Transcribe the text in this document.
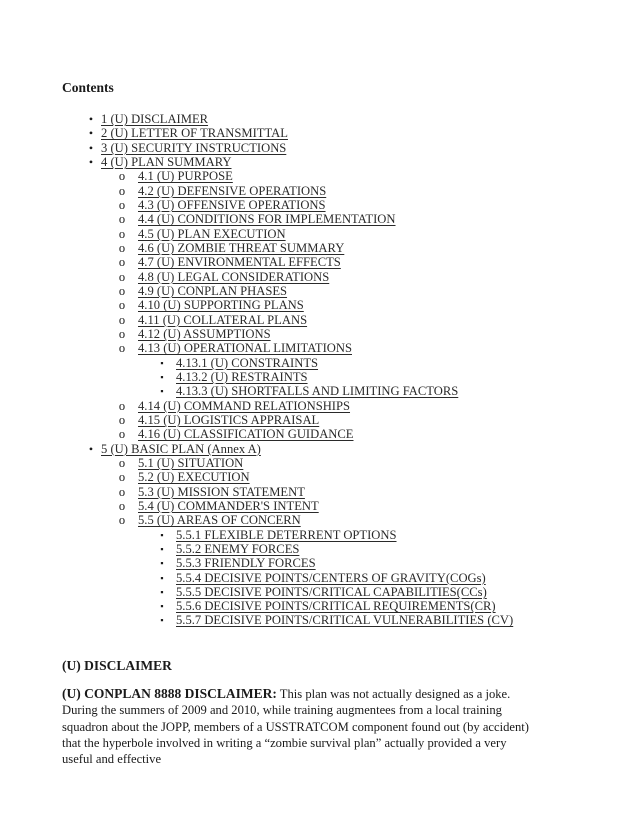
Contents
• 1 (U) DISCLAIMER
• 2 (U) LETTER OF TRANSMITTAL
• 3 (U) SECURITY INSTRUCTIONS
• 4 (U) PLAN SUMMARY
o	4.1 (U) PURPOSE
o	4.2 (U) DEFENSIVE OPERATIONS
o	4.3 (U) OFFENSIVE OPERATIONS
o	4.4 (U) CONDITIONS FOR IMPLEMENTATION
o	4.5 (U) PLAN EXECUTION
o	4.6 (U) ZOMBIE THREAT SUMMARY
o	4.7 (U) ENVIRONMENTAL EFFECTS
o	4.8 (U) LEGAL CONSIDERATIONS
o	4.9 (U) CONPLAN PHASES
o	4.10 (U) SUPPORTING PLANS
o	4.11 (U) COLLATERAL PLANS
o	4.12 (U) ASSUMPTIONS
o	4.13 (U) OPERATIONAL LIMITATIONS
▪ 4.13.1 (U) CONSTRAINTS
▪ 4.13.2 (U) RESTRAINTS
▪ 4.13.3 (U) SHORTFALLS AND LIMITING FACTORS
o	4.14 (U) COMMAND RELATIONSHIPS
o	4.15 (U) LOGISTICS APPRAISAL
o	4.16 (U) CLASSIFICATION GUIDANCE
• 5 (U) BASIC PLAN (Annex A)
o	5.1 (U) SITUATION
o	5.2 (U) EXECUTION
o	5.3 (U) MISSION STATEMENT
o	5.4 (U) COMMANDER'S INTENT
o	5.5 (U) AREAS OF CONCERN
▪ 5.5.1 FLEXIBLE DETERRENT OPTIONS
▪ 5.5.2 ENEMY FORCES
▪ 5.5.3 FRIENDLY FORCES
▪ 5.5.4 DECISIVE POINTS/CENTERS OF GRAVITY(COGs)
▪ 5.5.5 DECISIVE POINTS/CRITICAL CAPABILITIES(CCs)
▪ 5.5.6 DECISIVE POINTS/CRITICAL REQUIREMENTS(CR)
▪ 5.5.7 DECISIVE POINTS/CRITICAL VULNERABILITIES (CV)
(U) DISCLAIMER

(U) CONPLAN 8888 DISCLAIMER: This plan was not actually designed as a joke. During the summers of 2009 and 2010, while training augmentees from a local training squadron about the JOPP, members of a USSTRATCOM component found out (by accident) that the hyperbole involved in writing a “zombie survival plan” actually provided a very useful and effective
